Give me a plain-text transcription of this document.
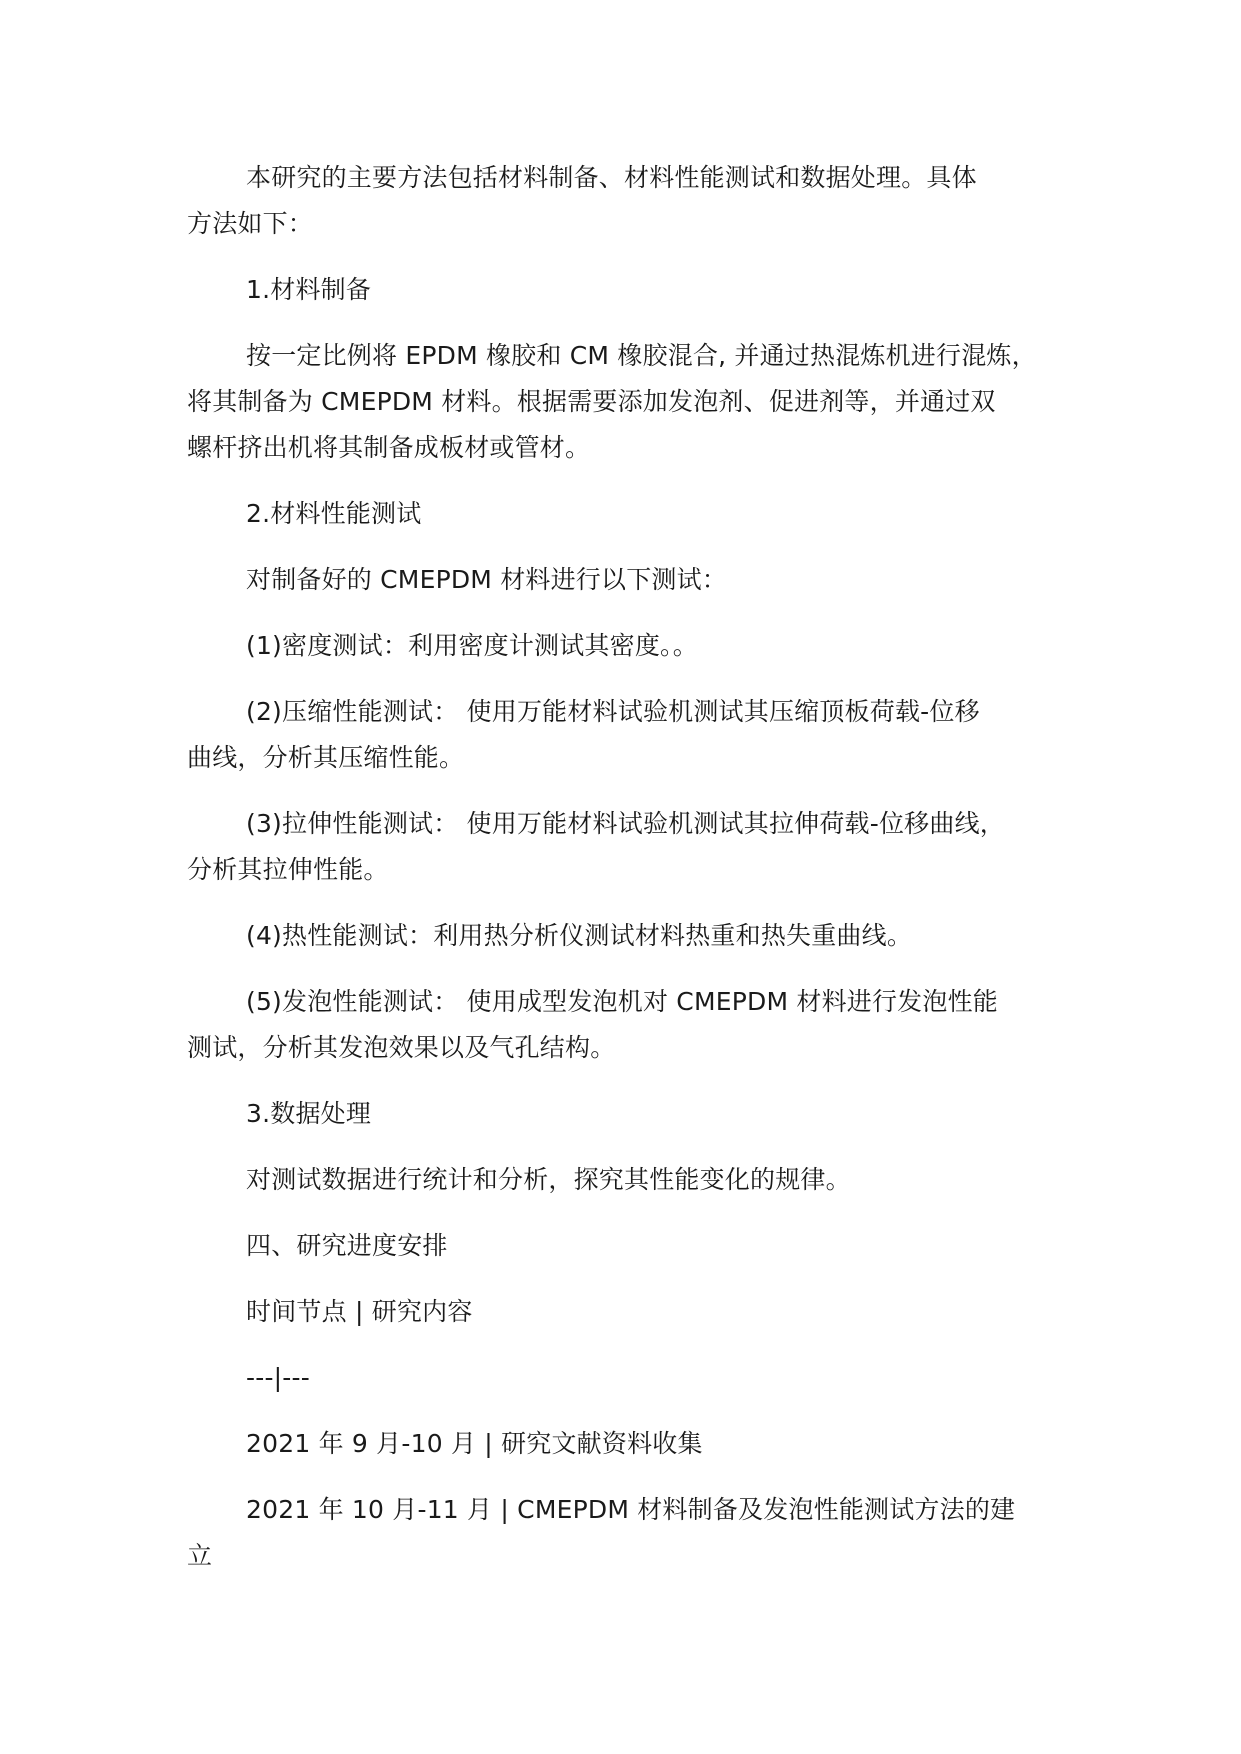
本研究的主要方法包括材料制备、材料性能测试和数据处理。具体
方法如下：

1.材料制备

按一定比例将 EPDM 橡胶和 CM 橡胶混合, 并通过热混炼机进行混炼，
将其制备为 CMEPDM 材料。根据需要添加发泡剂、促进剂等，并通过双
螺杆挤出机将其制备成板材或管材。

2.材料性能测试

对制备好的 CMEPDM 材料进行以下测试：

(1)密度测试：利用密度计测试其密度。。

(2)压缩性能测试： 使用万能材料试验机测试其压缩顶板荷载-位移
曲线，分析其压缩性能。

(3)拉伸性能测试： 使用万能材料试验机测试其拉伸荷载-位移曲线，
分析其拉伸性能。

(4)热性能测试：利用热分析仪测试材料热重和热失重曲线。

(5)发泡性能测试： 使用成型发泡机对 CMEPDM 材料进行发泡性能
测试，分析其发泡效果以及气孔结构。

3.数据处理

对测试数据进行统计和分析，探究其性能变化的规律。

四、研究进度安排

时间节点 | 研究内容

---|---

2021 年 9 月-10 月 | 研究文献资料收集

2021 年 10 月-11 月 | CMEPDM 材料制备及发泡性能测试方法的建
立
